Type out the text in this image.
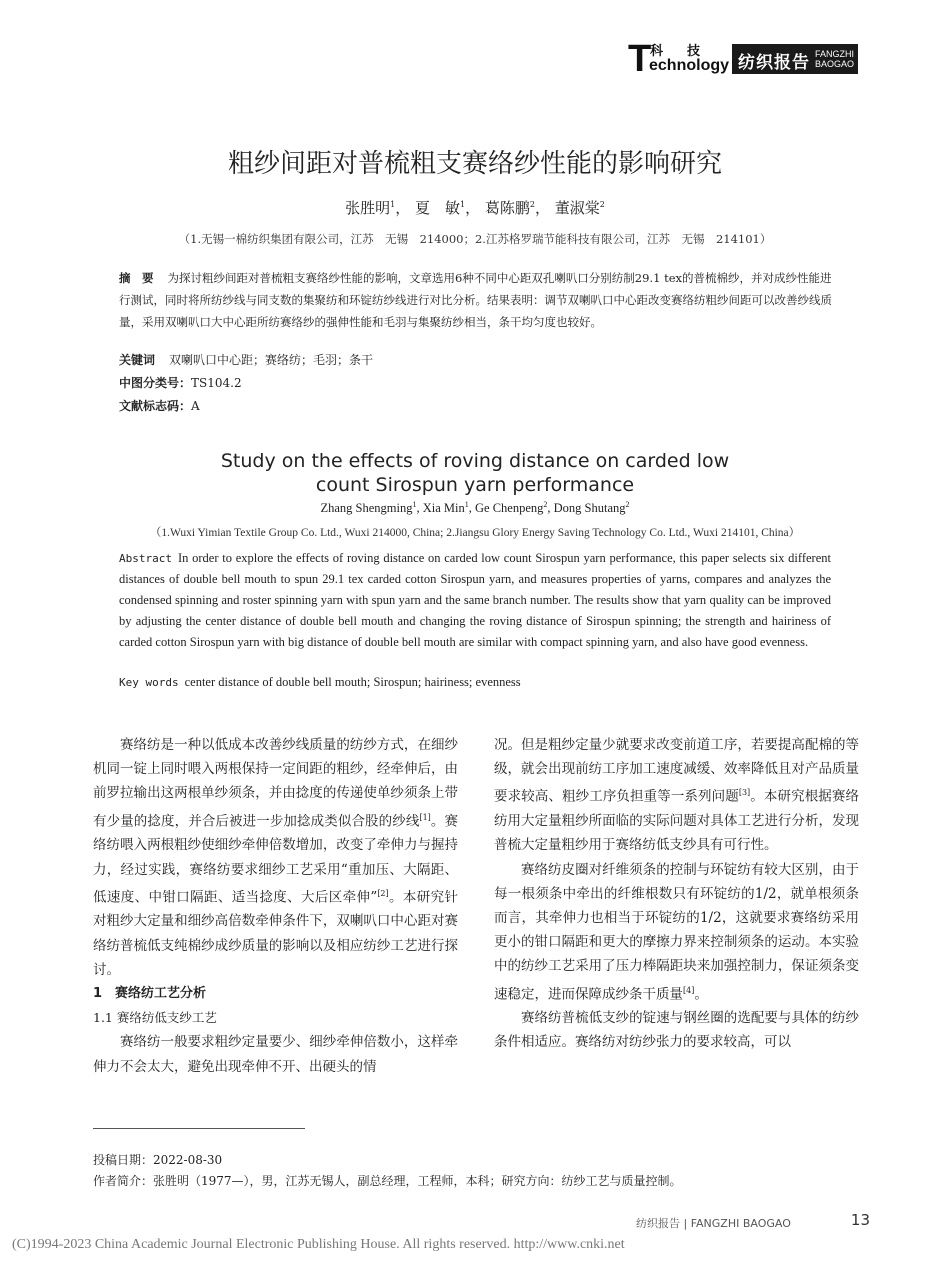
T
科技
echnology 纺织报告 FANGZHI
BAOGAO
粗纱间距对普梳粗支赛络纱性能的影响研究
张胜明$^1$， 夏　敏$^1$， 葛陈鹏$^2$， 董淑棠$^2$
（1.无锡一棉纺织集团有限公司，江苏　无锡　214000；2.江苏格罗瑞节能科技有限公司，江苏　无锡　214101）
摘　要 为探讨粗纱间距对普梳粗支赛络纱性能的影响，文章选用6种不同中心距双孔喇叭口分别纺制29.1 tex的普梳棉纱，并对成纱性能进行测试，同时将所纺纱线与同支数的集聚纺和环锭纺纱线进行对比分析。结果表明：调节双喇叭口中心距改变赛络纺粗纱间距可以改善纱线质量，采用双喇叭口大中心距所纺赛络纱的强伸性能和毛羽与集聚纺纱相当，条干均匀度也较好。
关键词 双喇叭口中心距；赛络纺；毛羽；条干
中图分类号：TS104.2
文献标志码：A
Study on the effects of roving distance on carded low
count Sirospun yarn performance
Zhang Shengming$^1$, Xia Min$^1$, Ge Chenpeng$^2$, Dong Shutang$^2$
（1.Wuxi Yimian Textile Group Co. Ltd., Wuxi 214000, China; 2.Jiangsu Glory Energy Saving Technology Co. Ltd., Wuxi 214101, China）
Abstract In order to explore the effects of roving distance on carded low count Sirospun yarn performance, this paper selects six different distances of double bell mouth to spun 29.1 tex carded cotton Sirospun yarn, and measures properties of yarns, compares and analyzes the condensed spinning and roster spinning yarn with spun yarn and the same branch number. The results show that yarn quality can be improved by adjusting the center distance of double bell mouth and changing the roving distance of Sirospun spinning; the strength and hairiness of carded cotton Sirospun yarn with big distance of double bell mouth are similar with compact spinning yarn, and also have good evenness.
Key words center distance of double bell mouth; Sirospun; hairiness; evenness

赛络纺是一种以低成本改善纱线质量的纺纱方式，在细纱机同一锭上同时喂入两根保持一定间距的粗纱，经牵伸后，由前罗拉输出这两根单纱须条，并由捻度的传递使单纱须条上带有少量的捻度，并合后被进一步加捻成类似合股的纱线[1]。赛络纺喂入两根粗纱使细纱牵伸倍数增加，改变了牵伸力与握持力，经过实践，赛络纺要求细纱工艺采用“重加压、大隔距、低速度、中钳口隔距、适当捻度、大后区牵伸”[2]。本研究针对粗纱大定量和细纱高倍数牵伸条件下，双喇叭口中心距对赛络纺普梳低支纯棉纱成纱质量的影响以及相应纺纱工艺进行探讨。

1　赛络纺工艺分析

1.1 赛络纺低支纱工艺

赛络纺一般要求粗纱定量要少、细纱牵伸倍数小，这样牵伸力不会太大，避免出现牵伸不开、出硬头的情

况。但是粗纱定量少就要求改变前道工序，若要提高配棉的等级，就会出现前纺工序加工速度减缓、效率降低且对产品质量要求较高、粗纱工序负担重等一系列问题[3]。本研究根据赛络纺用大定量粗纱所面临的实际问题对具体工艺进行分析，发现普梳大定量粗纱用于赛络纺低支纱具有可行性。

赛络纺皮圈对纤维须条的控制与环锭纺有较大区别，由于每一根须条中牵出的纤维根数只有环锭纺的1/2，就单根须条而言，其牵伸力也相当于环锭纺的1/2，这就要求赛络纺采用更小的钳口隔距和更大的摩擦力界来控制须条的运动。本实验中的纺纱工艺采用了压力棒隔距块来加强控制力，保证须条变速稳定，进而保障成纱条干质量[4]。

赛络纺普梳低支纱的锭速与钢丝圈的选配要与具体的纺纱条件相适应。赛络纺对纺纱张力的要求较高，可以

投稿日期：2022-08-30
作者简介：张胜明（1977—），男，江苏无锡人，副总经理，工程师，本科；研究方向：纺纱工艺与质量控制。
纺织报告 | FANGZHI BAOGAO	13
(C)1994-2023 China Academic Journal Electronic Publishing House. All rights reserved. http://www.cnki.net
